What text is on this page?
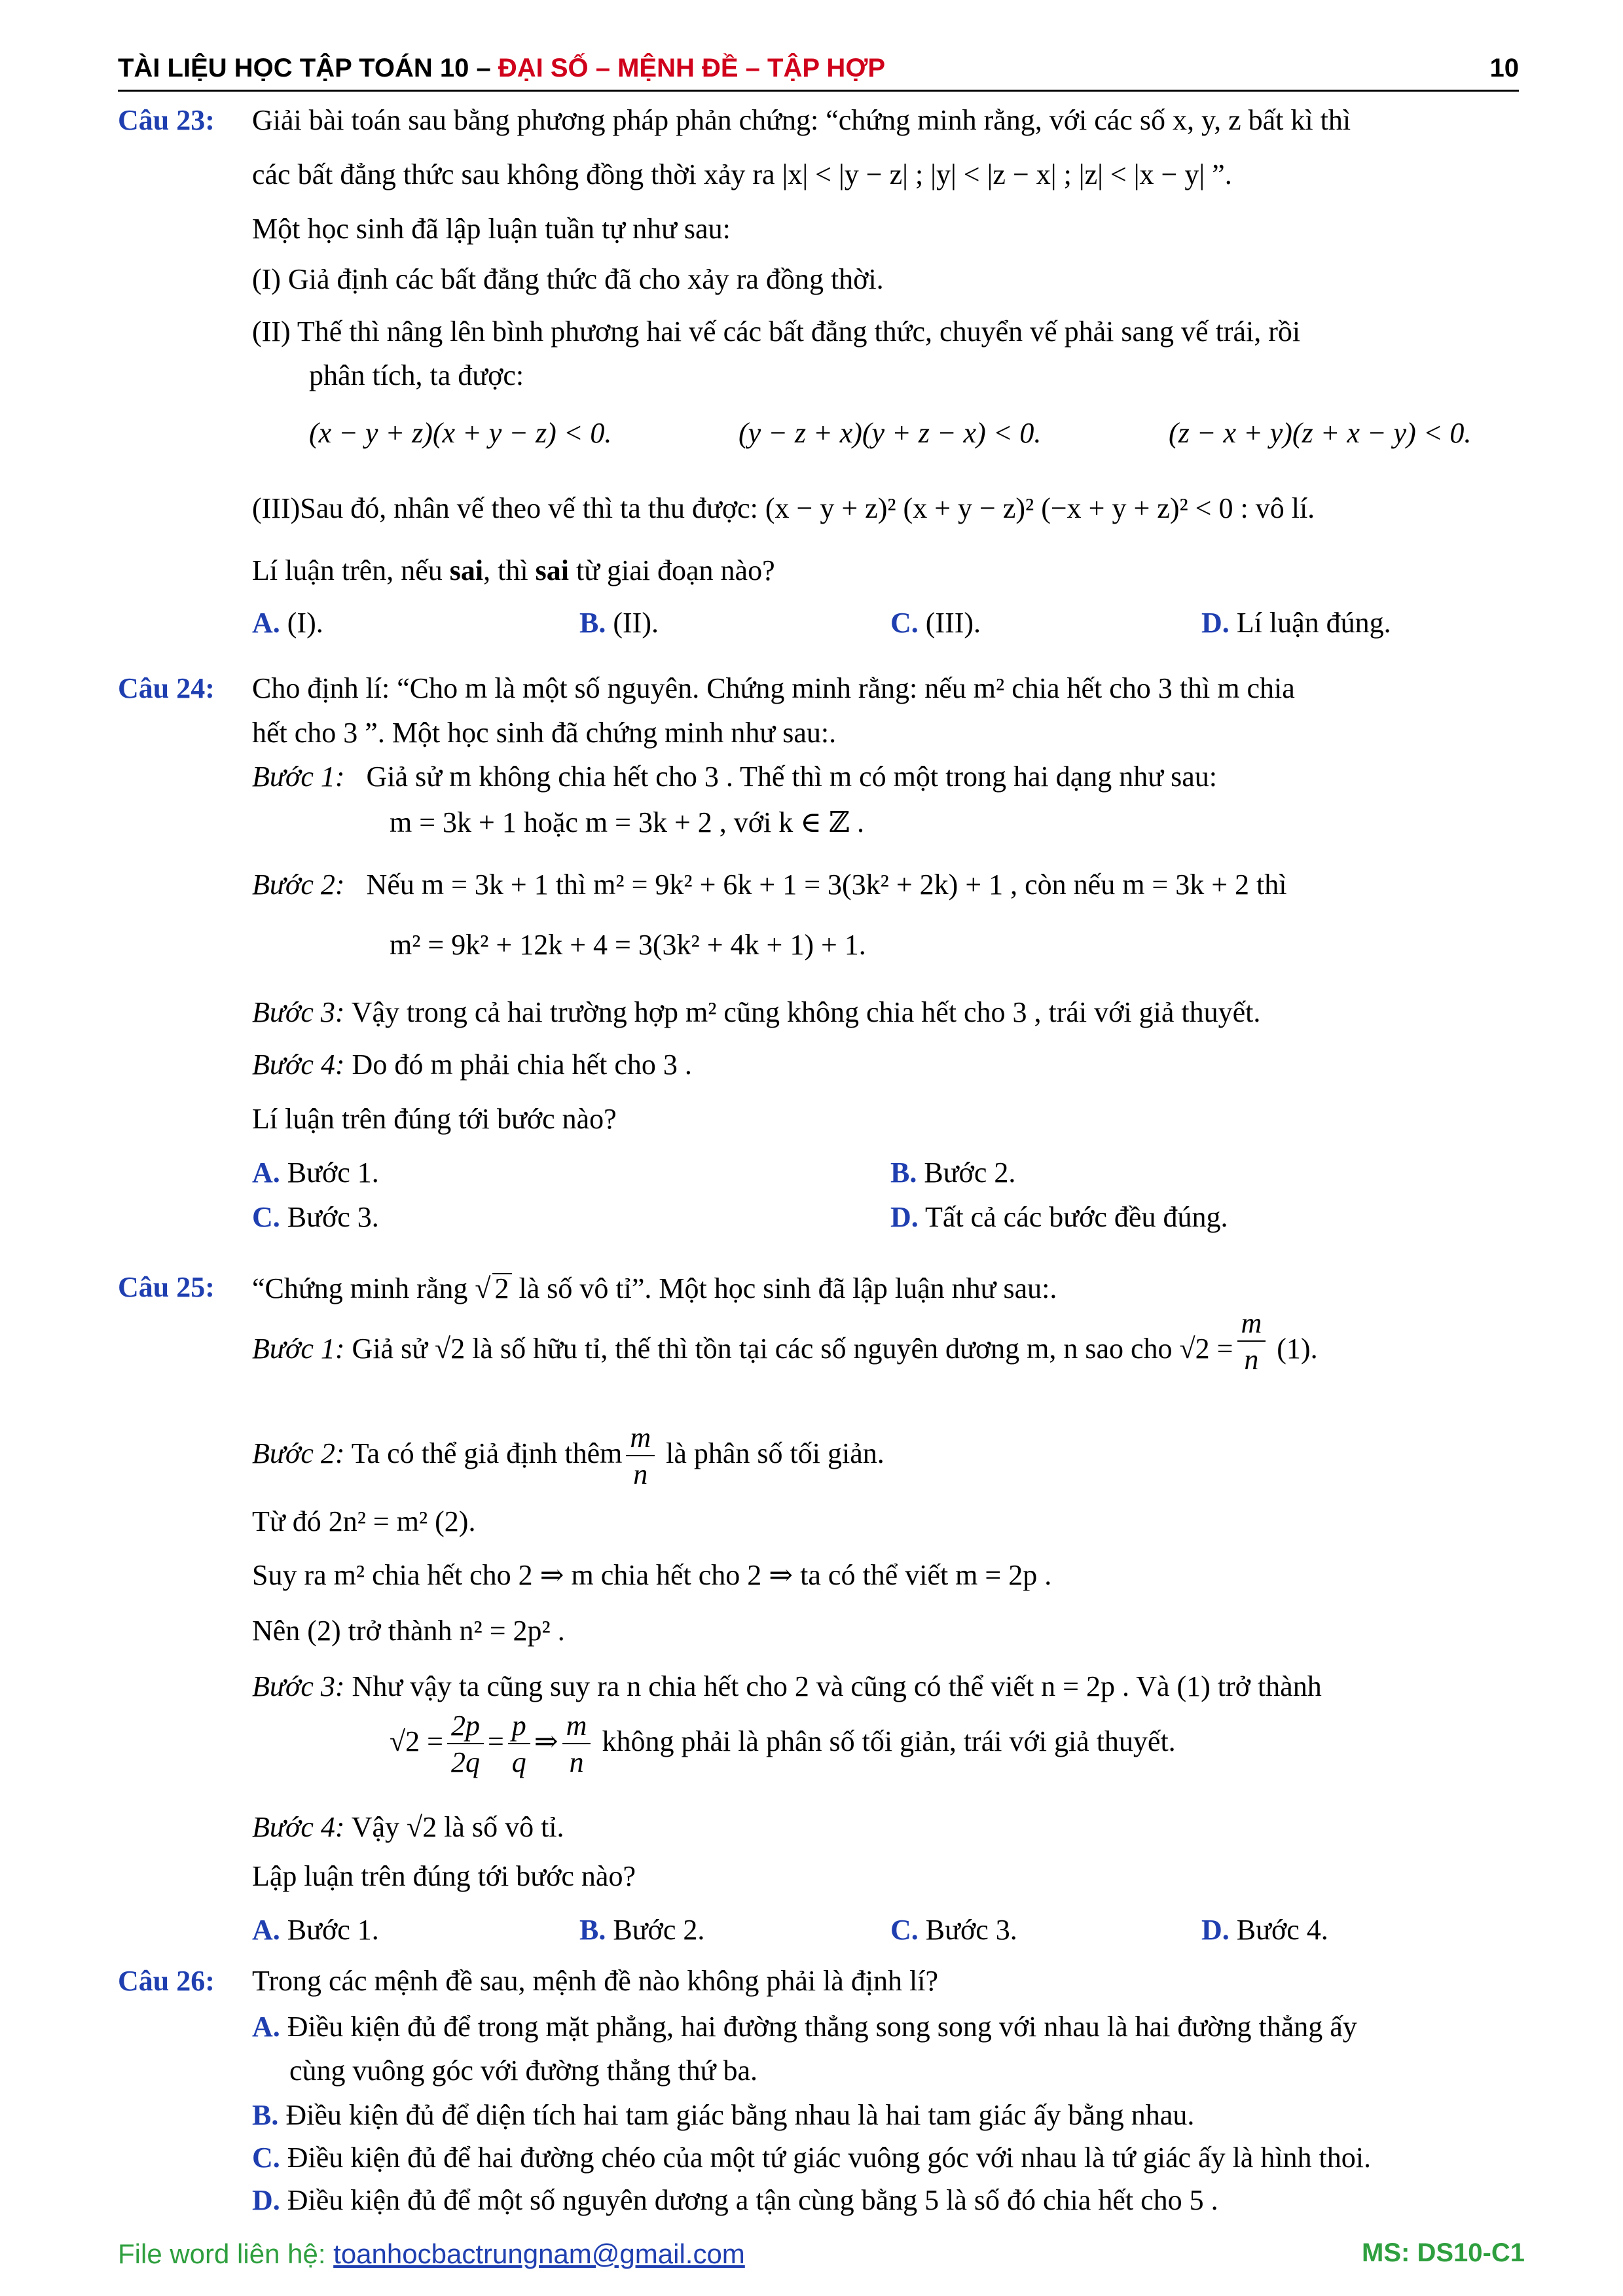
TÀI LIỆU HỌC TẬP TOÁN 10 – ĐẠI SỐ – MỆNH ĐỀ – TẬP HỢP	10
Câu 23: Giải bài toán sau bằng phương pháp phản chứng: “chứng minh rằng, với các số x, y, z bất kì thì
các bất đẳng thức sau không đồng thời xảy ra |x| < |y − z| ; |y| < |z − x| ; |z| < |x − y| ”.
Một học sinh đã lập luận tuần tự như sau:
(I) Giả định các bất đẳng thức đã cho xảy ra đồng thời.
(II) Thế thì nâng lên bình phương hai vế các bất đẳng thức, chuyển vế phải sang vế trái, rồi
phân tích, ta được:
(x − y + z)(x + y − z) < 0.	(y − z + x)(y + z − x) < 0.	(z − x + y)(z + x − y) < 0.
(III)Sau đó, nhân vế theo vế thì ta thu được: (x − y + z)² (x + y − z)² (−x + y + z)² < 0 : vô lí.
Lí luận trên, nếu sai, thì sai từ giai đoạn nào?
A. (I).	B. (II).	C. (III).	D. Lí luận đúng.
Câu 24: Cho định lí: “Cho m là một số nguyên. Chứng minh rằng: nếu m² chia hết cho 3 thì m chia
hết cho 3 ”. Một học sinh đã chứng minh như sau:.
Bước 1: Giả sử m không chia hết cho 3 . Thế thì m có một trong hai dạng như sau:
m = 3k + 1 hoặc m = 3k + 2 , với k ∈ ℤ .
Bước 2: Nếu m = 3k + 1 thì m² = 9k² + 6k + 1 = 3(3k² + 2k) + 1 , còn nếu m = 3k + 2 thì
m² = 9k² + 12k + 4 = 3(3k² + 4k + 1) + 1.
Bước 3: Vậy trong cả hai trường hợp m² cũng không chia hết cho 3 , trái với giả thuyết.
Bước 4: Do đó m phải chia hết cho 3 .
Lí luận trên đúng tới bước nào?
A. Bước 1.	B. Bước 2.
C. Bước 3.	D. Tất cả các bước đều đúng.
Câu 25: “Chứng minh rằng √ 2 là số vô tỉ”. Một học sinh đã lập luận như sau:.
Bước 1: Giả sử √2 là số hữu tỉ, thế thì tồn tại các số nguyên dương m, n sao cho $√2 = \frac{m}{n} (1)$.
Bước 2: Ta có thể giả định thêm $\frac{m}{n}$ là phân số tối giản.
Từ đó 2n² = m² (2).
Suy ra m² chia hết cho 2 ⇒ m chia hết cho 2 ⇒ ta có thể viết m = 2p .
Nên (2) trở thành n² = 2p² .
Bước 3: Như vậy ta cũng suy ra n chia hết cho 2 và cũng có thể viết n = 2p . Và (1) trở thành
$√2 = \frac{2p}{2q} = \frac{p}{q}$ ⇒ $\frac{m}{n}$ không phải là phân số tối giản, trái với giả thuyết.
Bước 4: Vậy √2 là số vô tỉ.
Lập luận trên đúng tới bước nào?
A. Bước 1.	B. Bước 2.	C. Bước 3.	D. Bước 4.
Câu 26: Trong các mệnh đề sau, mệnh đề nào không phải là định lí?
A. Điều kiện đủ để trong mặt phẳng, hai đường thẳng song song với nhau là hai đường thẳng ấy
cùng vuông góc với đường thẳng thứ ba.
B. Điều kiện đủ để diện tích hai tam giác bằng nhau là hai tam giác ấy bằng nhau.
C. Điều kiện đủ để hai đường chéo của một tứ giác vuông góc với nhau là tứ giác ấy là hình thoi.
D. Điều kiện đủ để một số nguyên dương a tận cùng bằng 5 là số đó chia hết cho 5 .
File word liên hệ: toanhocbactrungnam@gmail.com	MS: DS10-C1
